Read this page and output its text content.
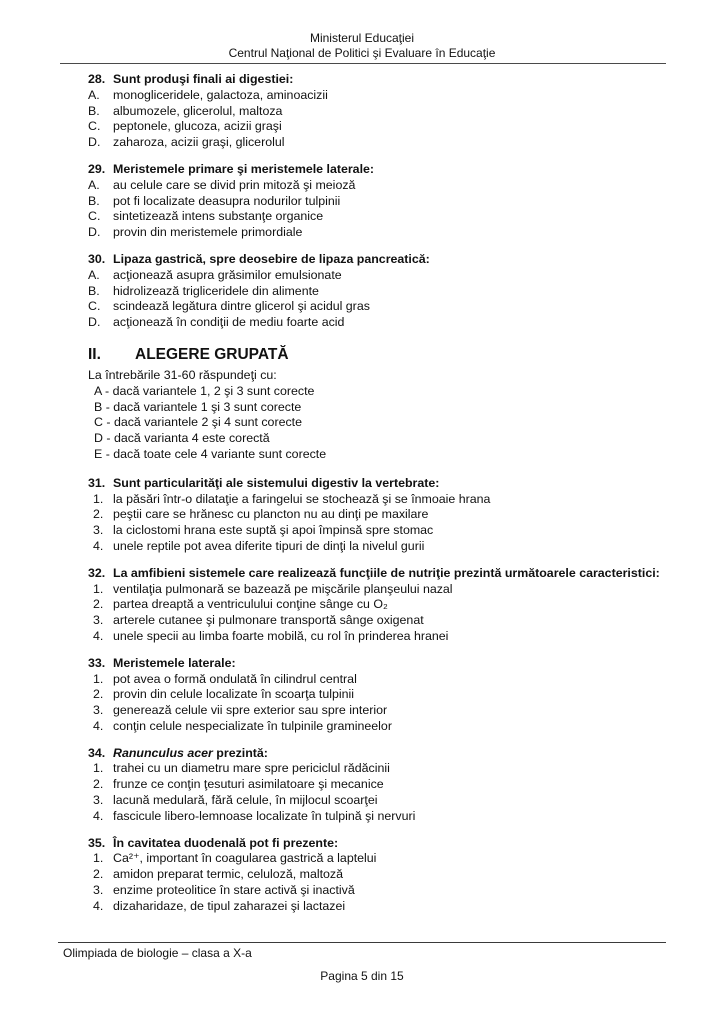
Ministerul Educaţiei
Centrul Naţional de Politici şi Evaluare în Educaţie
28. Sunt produşi finali ai digestiei:
A.	monogliceridele, galactoza, aminoacizii
B.	albumozele, glicerolul, maltoza
C.	peptonele, glucoza, acizii graşi
D.	zaharoza, acizii graşi, glicerolul
29. Meristemele primare şi meristemele laterale:
A.	au celule care se divid prin mitoză şi meioză
B.	pot fi localizate deasupra nodurilor tulpinii
C.	sintetizează intens substanţe organice
D.	provin din meristemele primordiale
30. Lipaza gastrică, spre deosebire de lipaza pancreatică:
A.	acţionează asupra grăsimilor emulsionate
B.	hidrolizează trigliceridele din alimente
C.	scindează legătura dintre glicerol şi acidul gras
D.	acţionează în condiţii de mediu foarte acid
II.	ALEGERE GRUPATĂ
La întrebările 31-60 răspundeţi cu:
A - dacă variantele 1, 2 şi 3 sunt corecte
B - dacă variantele 1 şi 3 sunt corecte
C - dacă variantele 2 şi 4 sunt corecte
D - dacă varianta 4 este corectă
E - dacă toate cele 4 variante sunt corecte
31. Sunt particularităţi ale sistemului digestiv la vertebrate:
1. la păsări într-o dilataţie a faringelui se stochează şi se înmoaie hrana
2. peştii care se hrănesc cu plancton nu au dinţi pe maxilare
3. la ciclostomi hrana este suptă şi apoi împinsă spre stomac
4. unele reptile pot avea diferite tipuri de dinţi la nivelul gurii
32. La amfibieni sistemele care realizează funcţiile de nutriţie prezintă următoarele caracteristici:
1. ventilaţia pulmonară se bazează pe mişcările planşeului nazal
2. partea dreaptă a ventriculului conţine sânge cu O₂
3. arterele cutanee şi pulmonare transportă sânge oxigenat
4. unele specii au limba foarte mobilă, cu rol în prinderea hranei
33. Meristemele laterale:
1. pot avea o formă ondulată în cilindrul central
2. provin din celule localizate în scoarţa tulpinii
3. generează celule vii spre exterior sau spre interior
4. conţin celule nespecializate în tulpinile gramineelor
34. Ranunculus acer prezintă:
1. trahei cu un diametru mare spre periciclul rădăcinii
2. frunze ce conţin ţesuturi asimilatoare şi mecanice
3. lacună medulară, fără celule, în mijlocul scoarţei
4. fascicule libero-lemnoase localizate în tulpină şi nervuri
35. În cavitatea duodenală pot fi prezente:
1. Ca²⁺, important în coagularea gastrică a laptelui
2. amidon preparat termic, celuloză, maltoză
3. enzime proteolitice în stare activă şi inactivă
4. dizaharidaze, de tipul zaharazei şi lactazei
Olimpiada de biologie – clasa a X-a
Pagina 5 din 15
